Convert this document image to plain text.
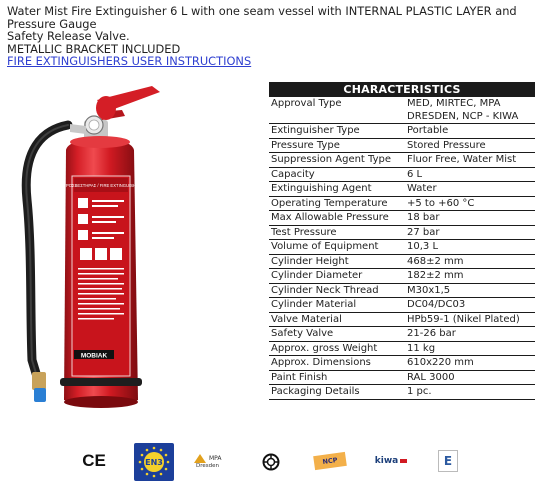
Water Mist Fire Extinguisher 6 L with one seam vessel with INTERNAL PLASTIC LAYER and Pressure Gauge
Safety Release Valve.
METALLIC BRACKET INCLUDED
FIRE EXTINGUISHERS USER INSTRUCTIONS
ΠΥΡΟΣΒΕΣΤΗΡΑΣ / FIRE EXTINGUISHER
MOBIAK
CHARACTERISTICS	
Approval Type	MED, MIRTEC, MPA DRESDEN, NCP - KIWA
Extinguisher Type	Portable
Pressure Type	Stored Pressure
Suppression Agent Type	Fluor Free, Water Mist
Capacity	6 L
Extinguishing Agent	Water
Operating Temperature	+5 to +60 °C
Max Allowable Pressure	18 bar
Test Pressure	27 bar
Volume of Equipment	10,3 L
Cylinder Height	468±2 mm
Cylinder Diameter	182±2 mm
Cylinder Neck Thread	M30x1,5
Cylinder Material	DC04/DC03
Valve Material	HPb59-1 (Nikel Plated)
Safety Valve	21-26 bar
Approx. gross Weight	11 kg
Approx. Dimensions	610x220 mm
Paint Finish	RAL 3000
Packaging Details	1 pc.
CE	EN3	MPA
Dresden	NCP	kiwa	E
